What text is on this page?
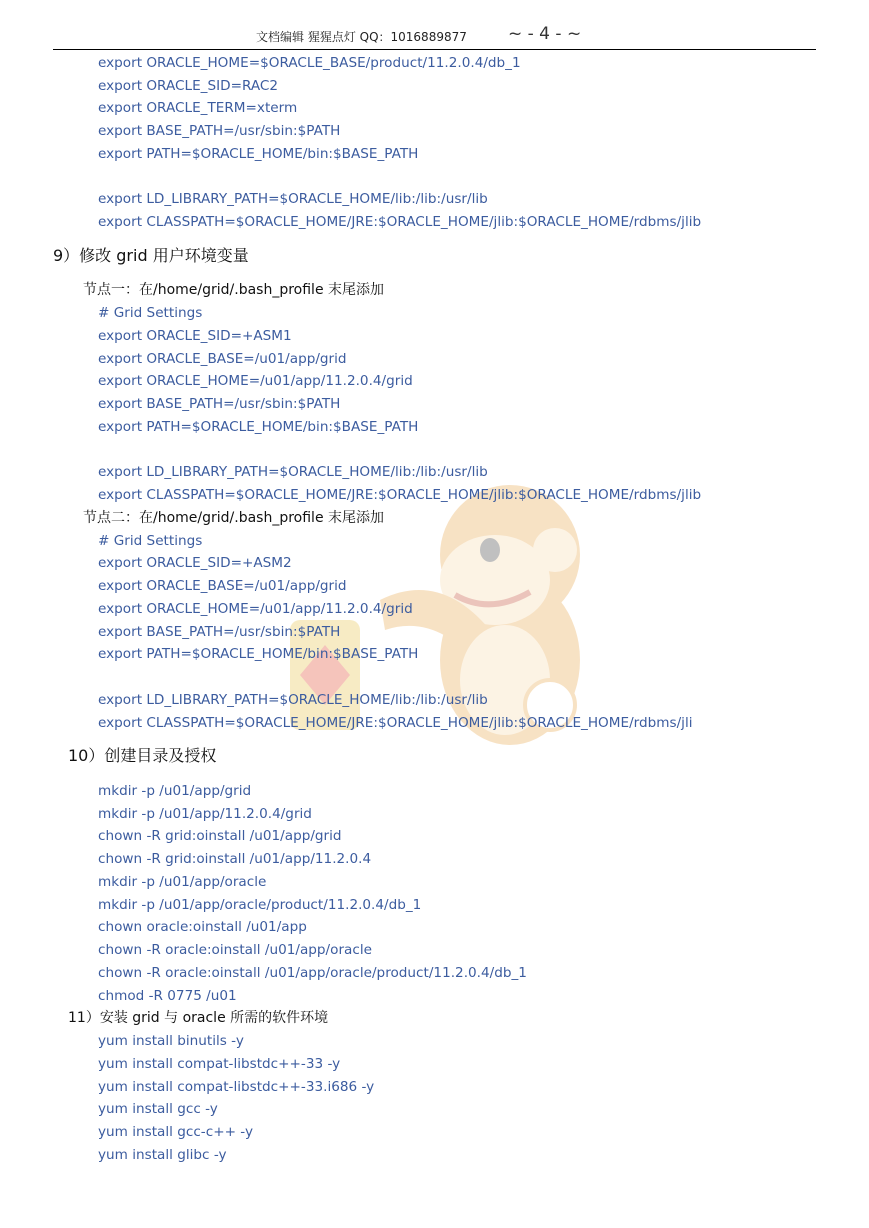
文档编辑 猩猩点灯 QQ：1016889877 ~ - 4 - ~
export ORACLE_HOME=$ORACLE_BASE/product/11.2.0.4/db_1
export ORACLE_SID=RAC2
export ORACLE_TERM=xterm
export BASE_PATH=/usr/sbin:$PATH
export PATH=$ORACLE_HOME/bin:$BASE_PATH
export LD_LIBRARY_PATH=$ORACLE_HOME/lib:/lib:/usr/lib
export CLASSPATH=$ORACLE_HOME/JRE:$ORACLE_HOME/jlib:$ORACLE_HOME/rdbms/jlib
9）修改 grid 用户环境变量
节点一：在/home/grid/.bash_profile 末尾添加
# Grid Settings
export ORACLE_SID=+ASM1
export ORACLE_BASE=/u01/app/grid
export ORACLE_HOME=/u01/app/11.2.0.4/grid
export BASE_PATH=/usr/sbin:$PATH
export PATH=$ORACLE_HOME/bin:$BASE_PATH
export LD_LIBRARY_PATH=$ORACLE_HOME/lib:/lib:/usr/lib
export CLASSPATH=$ORACLE_HOME/JRE:$ORACLE_HOME/jlib:$ORACLE_HOME/rdbms/jlib
节点二：在/home/grid/.bash_profile 末尾添加
# Grid Settings
export ORACLE_SID=+ASM2
export ORACLE_BASE=/u01/app/grid
export ORACLE_HOME=/u01/app/11.2.0.4/grid
export BASE_PATH=/usr/sbin:$PATH
export PATH=$ORACLE_HOME/bin:$BASE_PATH
export LD_LIBRARY_PATH=$ORACLE_HOME/lib:/lib:/usr/lib
export CLASSPATH=$ORACLE_HOME/JRE:$ORACLE_HOME/jlib:$ORACLE_HOME/rdbms/jli
10）创建目录及授权
mkdir -p /u01/app/grid
mkdir -p /u01/app/11.2.0.4/grid
chown -R grid:oinstall /u01/app/grid
chown -R grid:oinstall /u01/app/11.2.0.4
mkdir -p /u01/app/oracle
mkdir -p /u01/app/oracle/product/11.2.0.4/db_1
chown oracle:oinstall /u01/app
chown -R oracle:oinstall /u01/app/oracle
chown -R oracle:oinstall /u01/app/oracle/product/11.2.0.4/db_1
chmod -R 0775 /u01
11）安装 grid 与 oracle 所需的软件环境
yum install binutils -y
yum install compat-libstdc++-33 -y
yum install compat-libstdc++-33.i686 -y
yum install gcc -y
yum install gcc-c++ -y
yum install glibc -y
